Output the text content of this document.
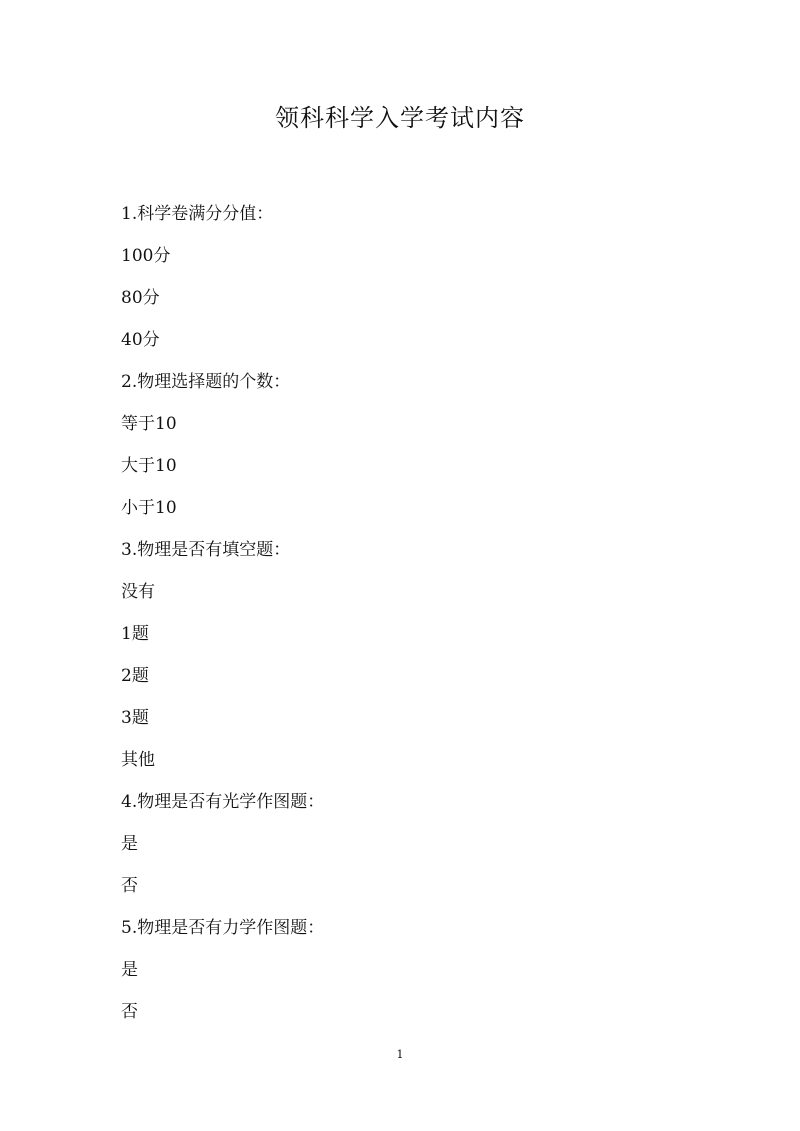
领科科学入学考试内容
1.科学卷满分分值：
100分
80分
40分
2.物理选择题的个数：
等于10
大于10
小于10
3.物理是否有填空题：
没有
1题
2题
3题
其他
4.物理是否有光学作图题：
是
否
5.物理是否有力学作图题：
是
否
1
